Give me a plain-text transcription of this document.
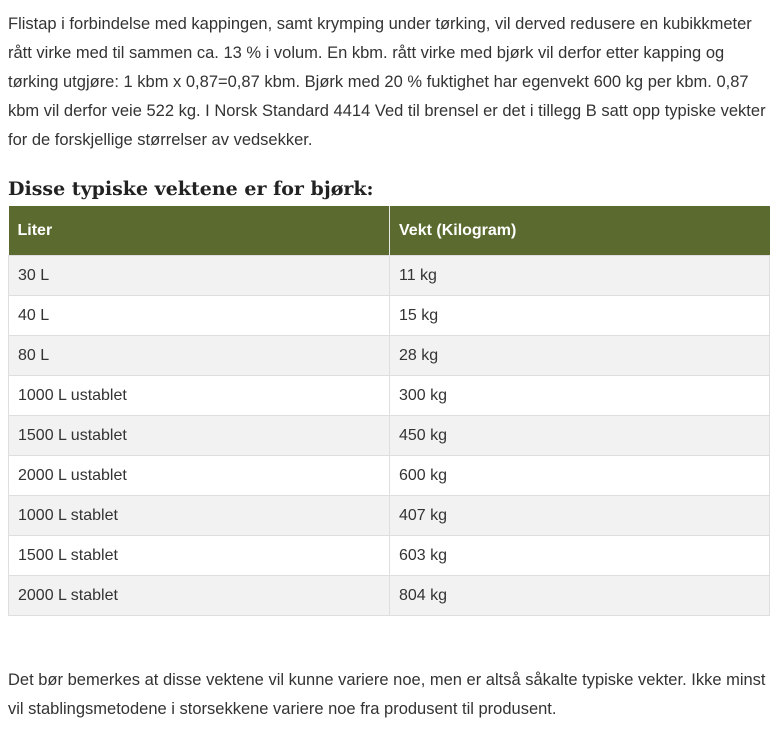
Flistap i forbindelse med kappingen, samt krymping under tørking, vil derved redusere en kubikkmeter rått virke med til sammen ca. 13 % i volum. En kbm. rått virke med bjørk vil derfor etter kapping og tørking utgjøre: 1 kbm x 0,87=0,87 kbm. Bjørk med 20 % fuktighet har egenvekt 600 kg per kbm. 0,87 kbm vil derfor veie 522 kg. I Norsk Standard 4414 Ved til brensel er det i tillegg B satt opp typiske vekter for de forskjellige størrelser av vedsekker.

Disse typiske vektene er for bjørk:
Liter	Vekt (Kilogram)
30 L	11 kg
40 L	15 kg
80 L	28 kg
1000 L ustablet	300 kg
1500 L ustablet	450 kg
2000 L ustablet	600 kg
1000 L stablet	407 kg
1500 L stablet	603 kg
2000 L stablet	804 kg

Det bør bemerkes at disse vektene vil kunne variere noe, men er altså såkalte typiske vekter. Ikke minst vil stablingsmetodene i storsekkene variere noe fra produsent til produsent.
